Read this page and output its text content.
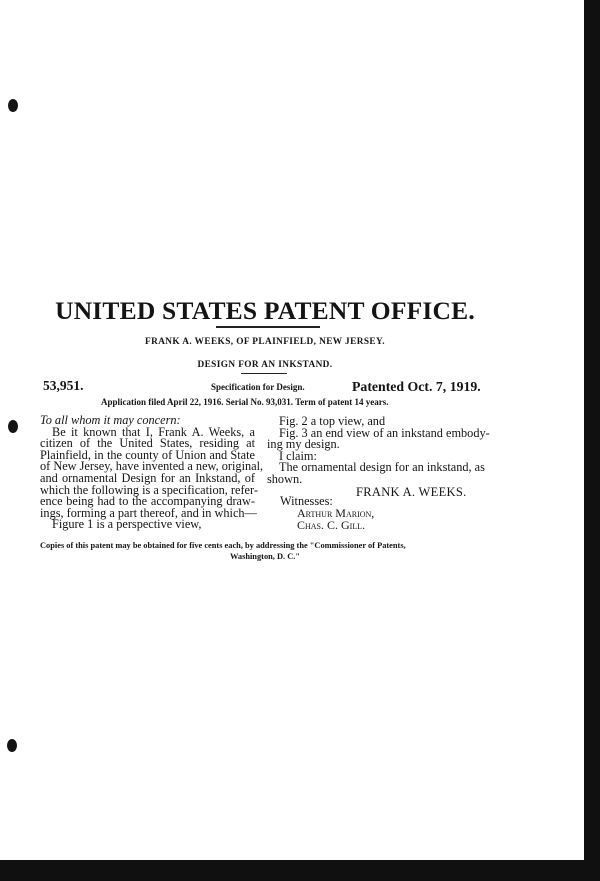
UNITED STATES PATENT OFFICE.
FRANK A. WEEKS, OF PLAINFIELD, NEW JERSEY.
DESIGN FOR AN INKSTAND.
53,951.	Specification for Design.	Patented Oct. 7, 1919.
Application filed April 22, 1916. Serial No. 93,031. Term of patent 14 years.
To all whom it may concern:
Be it known that I, Frank A. Weeks, a
citizen of the United States, residing at
Plainfield, in the county of Union and State
of New Jersey, have invented a new, original,
and ornamental Design for an Inkstand, of
which the following is a specification, refer-
ence being had to the accompanying draw-
ings, forming a part thereof, and in which—
Figure 1 is a perspective view,
Fig. 2 a top view, and
Fig. 3 an end view of an inkstand embody-
ing my design.
I claim:
The ornamental design for an inkstand, as
shown.
FRANK A. WEEKS.
Witnesses:
Arthur Marion,
Chas. C. Gill.
Copies of this patent may be obtained for five cents each, by addressing the "Commissioner of Patents,
Washington, D. C."
